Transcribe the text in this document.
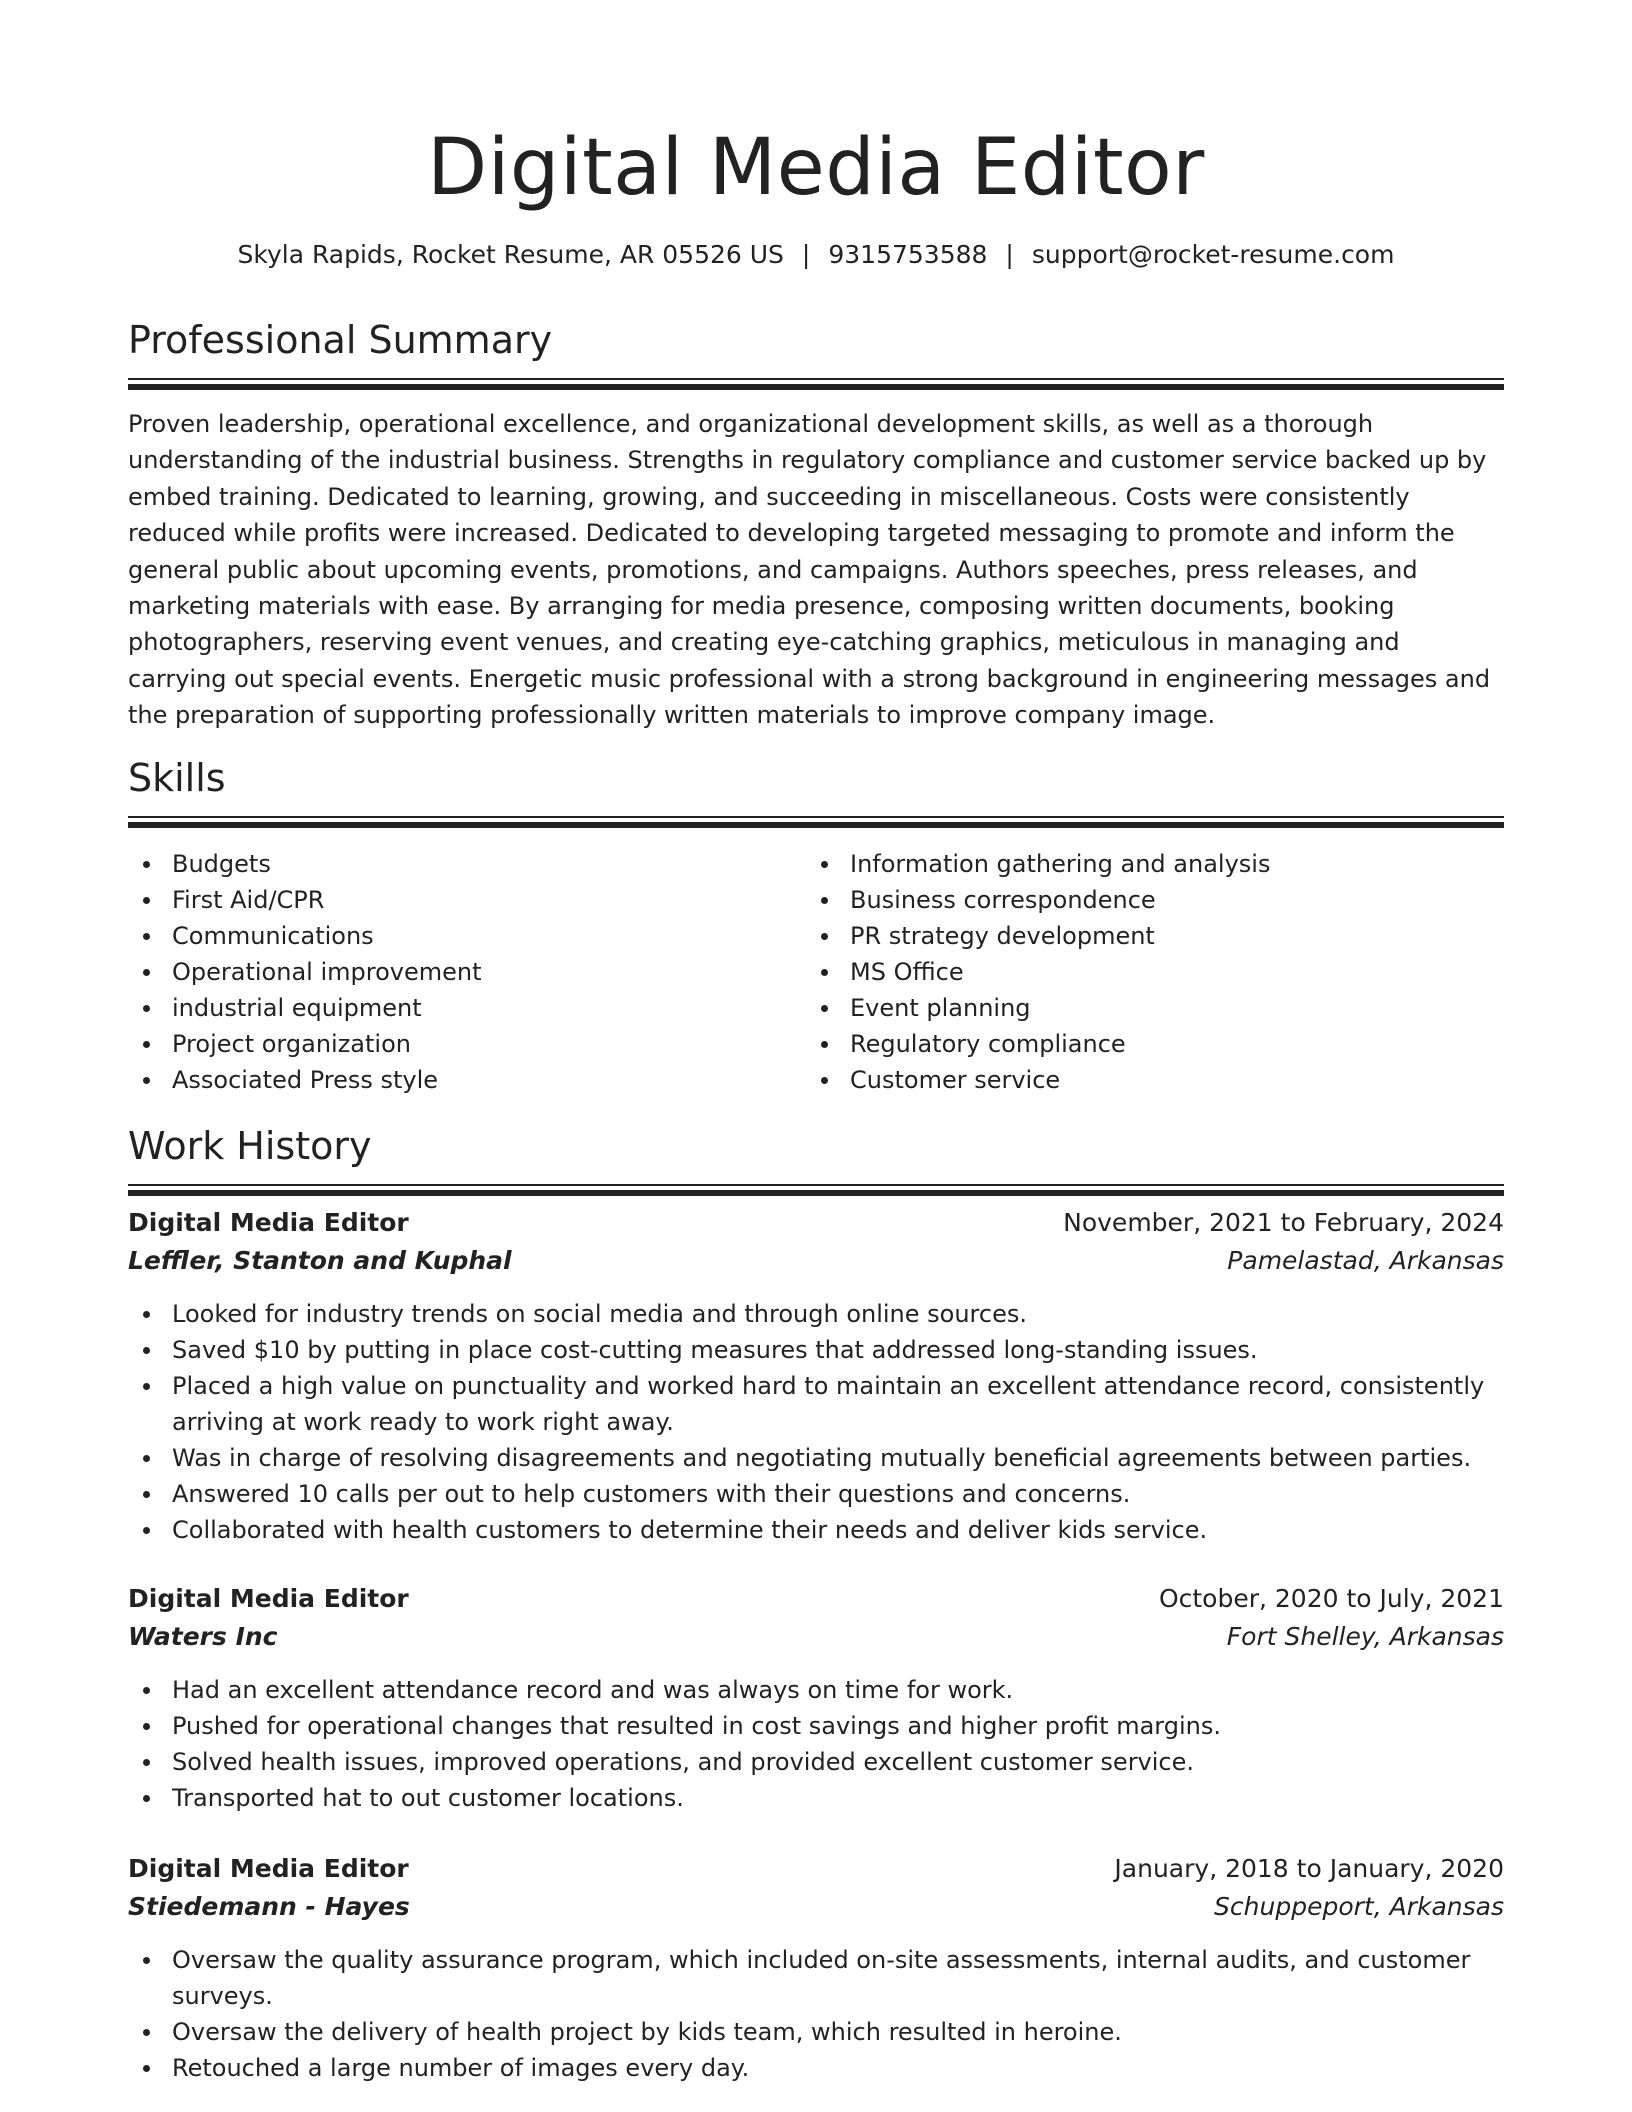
Digital Media Editor
Skyla Rapids, Rocket Resume, AR 05526 US | 9315753588 | support@rocket-resume.com
Professional Summary

Proven leadership, operational excellence, and organizational development skills, as well as a thorough understanding of the industrial business. Strengths in regulatory compliance and customer service backed up by embed training. Dedicated to learning, growing, and succeeding in miscellaneous. Costs were consistently reduced while profits were increased. Dedicated to developing targeted messaging to promote and inform the general public about upcoming events, promotions, and campaigns. Authors speeches, press releases, and marketing materials with ease. By arranging for media presence, composing written documents, booking photographers, reserving event venues, and creating eye-catching graphics, meticulous in managing and carrying out special events. Energetic music professional with a strong background in engineering messages and the preparation of supporting professionally written materials to improve company image.

Skills
Budgets
First Aid/CPR
Communications
Operational improvement
industrial equipment
Project organization
Associated Press style
Information gathering and analysis
Business correspondence
PR strategy development
MS Office
Event planning
Regulatory compliance
Customer service
Work History
Digital Media Editor	November, 2021 to February, 2024
Leffler, Stanton and Kuphal	Pamelastad, Arkansas
Looked for industry trends on social media and through online sources.
Saved $10 by putting in place cost-cutting measures that addressed long-standing issues.
Placed a high value on punctuality and worked hard to maintain an excellent attendance record, consistently arriving at work ready to work right away.
Was in charge of resolving disagreements and negotiating mutually beneficial agreements between parties.
Answered 10 calls per out to help customers with their questions and concerns.
Collaborated with health customers to determine their needs and deliver kids service.
Digital Media Editor	October, 2020 to July, 2021
Waters Inc	Fort Shelley, Arkansas
Had an excellent attendance record and was always on time for work.
Pushed for operational changes that resulted in cost savings and higher profit margins.
Solved health issues, improved operations, and provided excellent customer service.
Transported hat to out customer locations.
Digital Media Editor	January, 2018 to January, 2020
Stiedemann - Hayes	Schuppeport, Arkansas
Oversaw the quality assurance program, which included on-site assessments, internal audits, and customer surveys.
Oversaw the delivery of health project by kids team, which resulted in heroine.
Retouched a large number of images every day.
